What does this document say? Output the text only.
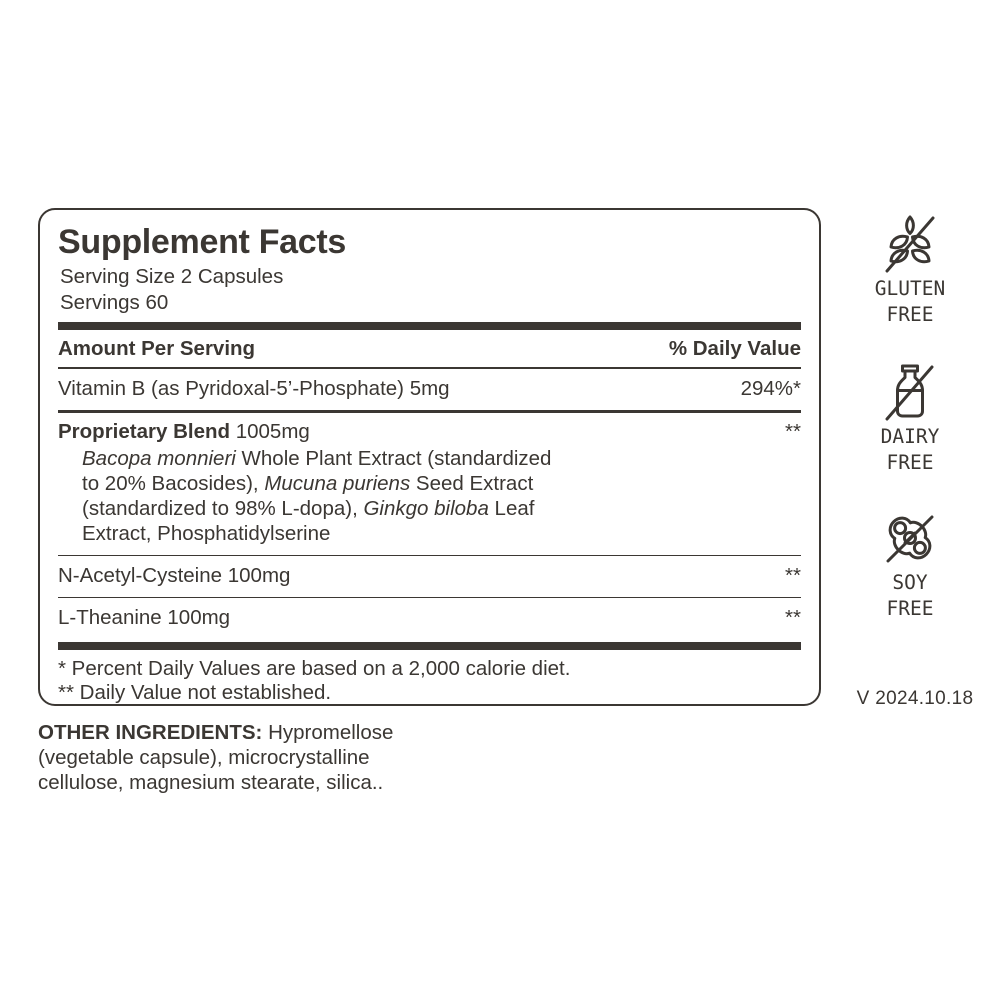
Supplement Facts
Serving Size 2 Capsules
Servings 60
Amount Per Serving	% Daily Value
Vitamin B (as Pyridoxal-5’-Phosphate) 5mg	294%*
Proprietary Blend 1005mg	**
Bacopa monnieri Whole Plant Extract (standardized
to 20% Bacosides), Mucuna puriens Seed Extract
(standardized to 98% L-dopa), Ginkgo biloba Leaf
Extract, Phosphatidylserine
N-Acetyl-Cysteine 100mg	**
L-Theanine 100mg	**
* Percent Daily Values are based on a 2,000 calorie diet.
** Daily Value not established.
GLUTEN
FREE
DAIRY
FREE
SOY
FREE
V 2024.10.18
OTHER INGREDIENTS: Hypromellose
(vegetable capsule), microcrystalline
cellulose, magnesium stearate, silica..
